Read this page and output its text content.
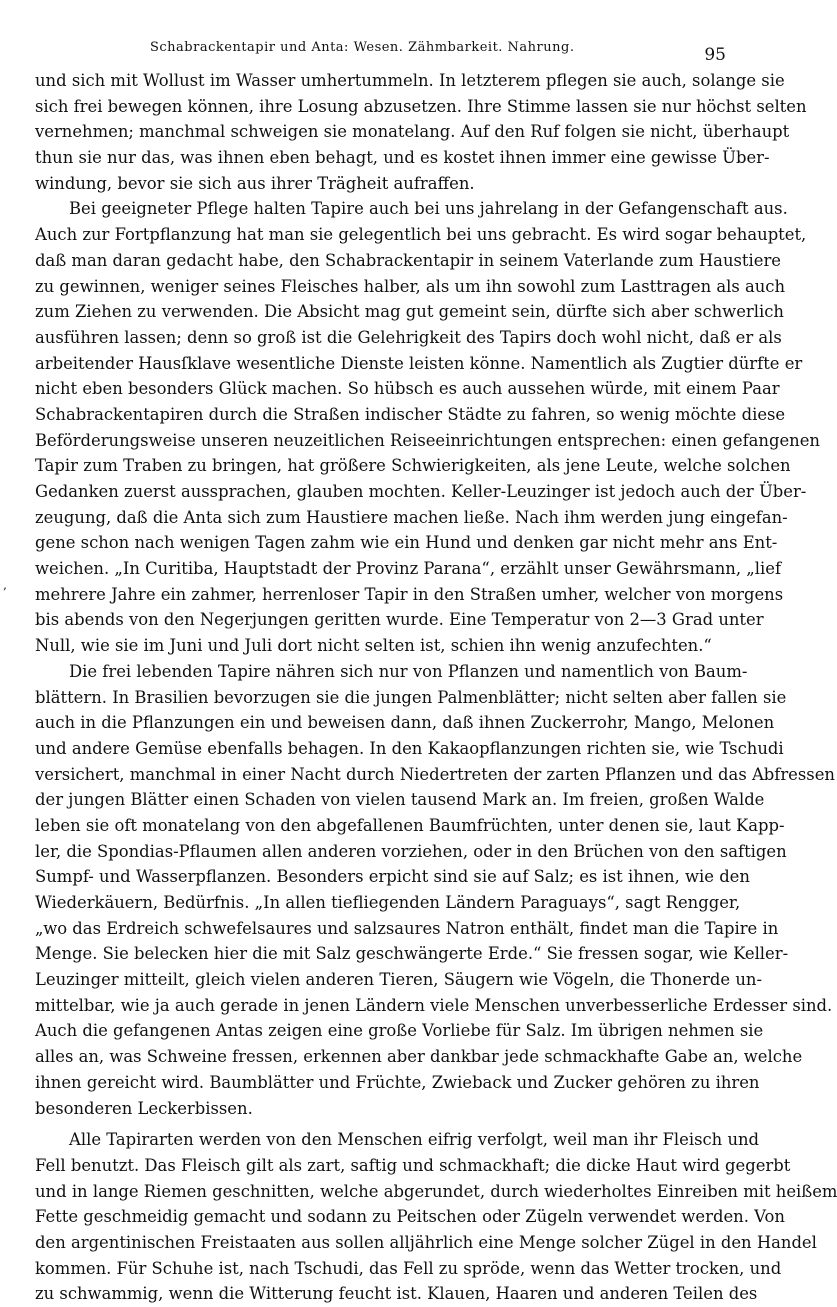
Schabrackentapir und Anta: Wesen. Zähmbarkeit. Nahrung.	95
‚
und sich mit Wollust im Wasser umhertummeln. In letzterem pflegen sie auch, solange sie
sich frei bewegen können, ihre Losung abzusetzen. Ihre Stimme lassen sie nur höchst selten
vernehmen; manchmal schweigen sie monatelang. Auf den Ruf folgen sie nicht, überhaupt
thun sie nur das, was ihnen eben behagt, und es kostet ihnen immer eine gewisse Über-
windung, bevor sie sich aus ihrer Trägheit aufraffen.
Bei geeigneter Pflege halten Tapire auch bei uns jahrelang in der Gefangenschaft aus.
Auch zur Fortpflanzung hat man sie gelegentlich bei uns gebracht. Es wird sogar behauptet,
daß man daran gedacht habe, den Schabrackentapir in seinem Vaterlande zum Haustiere
zu gewinnen, weniger seines Fleisches halber, als um ihn sowohl zum Lasttragen als auch
zum Ziehen zu verwenden. Die Absicht mag gut gemeint sein, dürfte sich aber schwerlich
ausführen lassen; denn so groß ist die Gelehrigkeit des Tapirs doch wohl nicht, daß er als
arbeitender Hausſklave wesentliche Dienste leisten könne. Namentlich als Zugtier dürfte er
nicht eben besonders Glück machen. So hübsch es auch aussehen würde, mit einem Paar
Schabrackentapiren durch die Straßen indischer Städte zu fahren, so wenig möchte diese
Beförderungsweise unseren neuzeitlichen Reiseeinrichtungen entsprechen: einen gefangenen
Tapir zum Traben zu bringen, hat größere Schwierigkeiten, als jene Leute, welche solchen
Gedanken zuerst aussprachen, glauben mochten. Keller-Leuzinger ist jedoch auch der Über-
zeugung, daß die Anta sich zum Haustiere machen ließe. Nach ihm werden jung eingefan-
gene schon nach wenigen Tagen zahm wie ein Hund und denken gar nicht mehr ans Ent-
weichen. „In Curitiba, Hauptstadt der Provinz Parana“, erzählt unser Gewährsmann, „lief
mehrere Jahre ein zahmer, herrenloser Tapir in den Straßen umher, welcher von morgens
bis abends von den Negerjungen geritten wurde. Eine Temperatur von 2—3 Grad unter
Null, wie sie im Juni und Juli dort nicht selten ist, schien ihn wenig anzufechten.“
Die frei lebenden Tapire nähren sich nur von Pflanzen und namentlich von Baum-
blättern. In Brasilien bevorzugen sie die jungen Palmenblätter; nicht selten aber fallen sie
auch in die Pflanzungen ein und beweisen dann, daß ihnen Zuckerrohr, Mango, Melonen
und andere Gemüse ebenfalls behagen. In den Kakaopflanzungen richten sie, wie Tschudi
versichert, manchmal in einer Nacht durch Niedertreten der zarten Pflanzen und das Abfressen
der jungen Blätter einen Schaden von vielen tausend Mark an. Im freien, großen Walde
leben sie oft monatelang von den abgefallenen Baumfrüchten, unter denen sie, laut Kapp-
ler, die Spondias-Pflaumen allen anderen vorziehen, oder in den Brüchen von den saftigen
Sumpf- und Wasserpflanzen. Besonders erpicht sind sie auf Salz; es ist ihnen, wie den
Wiederkäuern, Bedürfnis. „In allen tiefliegenden Ländern Paraguays“, sagt Rengger,
„wo das Erdreich schwefelsaures und salzsaures Natron enthält, findet man die Tapire in
Menge. Sie belecken hier die mit Salz geschwängerte Erde.“ Sie fressen sogar, wie Keller-
Leuzinger mitteilt, gleich vielen anderen Tieren, Säugern wie Vögeln, die Thonerde un-
mittelbar, wie ja auch gerade in jenen Ländern viele Menschen unverbesserliche Erdesser sind.
Auch die gefangenen Antas zeigen eine große Vorliebe für Salz. Im übrigen nehmen sie
alles an, was Schweine fressen, erkennen aber dankbar jede schmackhafte Gabe an, welche
ihnen gereicht wird. Baumblätter und Früchte, Zwieback und Zucker gehören zu ihren
besonderen Leckerbissen.
Alle Tapirarten werden von den Menschen eifrig verfolgt, weil man ihr Fleisch und
Fell benutzt. Das Fleisch gilt als zart, saftig und schmackhaft; die dicke Haut wird gegerbt
und in lange Riemen geschnitten, welche abgerundet, durch wiederholtes Einreiben mit heißem
Fette geschmeidig gemacht und sodann zu Peitschen oder Zügeln verwendet werden. Von
den argentinischen Freistaaten aus sollen alljährlich eine Menge solcher Zügel in den Handel
kommen. Für Schuhe ist, nach Tschudi, das Fell zu spröde, wenn das Wetter trocken, und
zu schwammig, wenn die Witterung feucht ist. Klauen, Haaren und anderen Teilen des
